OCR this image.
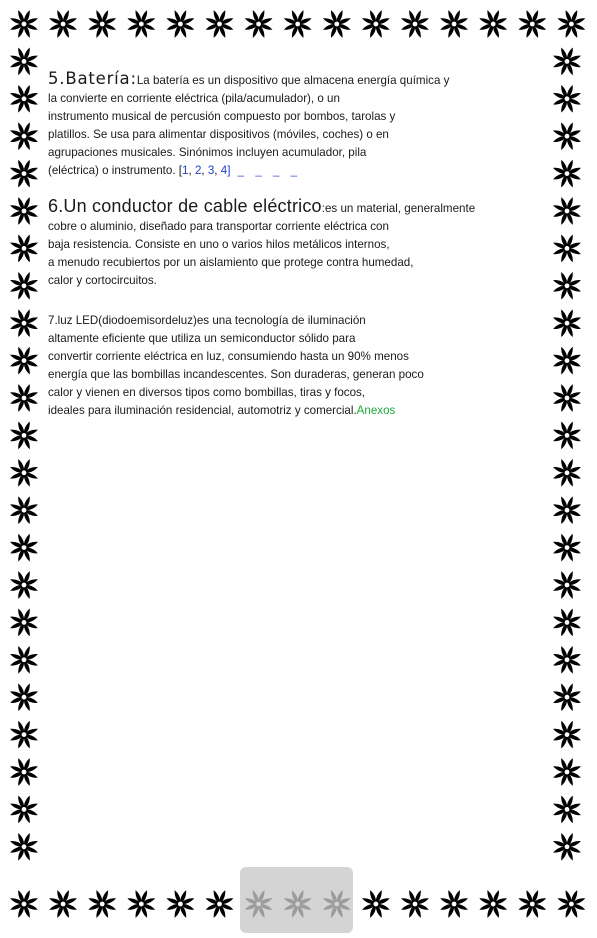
5.Batería:La batería es un dispositivo que almacena energía química y
la convierte en corriente eléctrica (pila/acumulador), o un
instrumento musical de percusión compuesto por bombos, tarolas y
platillos. Se usa para alimentar dispositivos (móviles, coches) o en
agrupaciones musicales. Sinónimos incluyen acumulador, pila
(eléctrica) o instrumento. [1, 2, 3, 4] _ _ _ _

6.Un conductor de cable eléctrico:es un material, generalmente
cobre o aluminio, diseñado para transportar corriente eléctrica con
baja resistencia. Consiste en uno o varios hilos metálicos internos,
a menudo recubiertos por un aislamiento que protege contra humedad,
calor y cortocircuitos.

7.luz LED(diodoemisordeluz)es una tecnología de iluminación
altamente eficiente que utiliza un semiconductor sólido para
convertir corriente eléctrica en luz, consumiendo hasta un 90% menos
energía que las bombillas incandescentes. Son duraderas, generan poco
calor y vienen en diversos tipos como bombillas, tiras y focos,
ideales para iluminación residencial, automotriz y comercial.Anexos
